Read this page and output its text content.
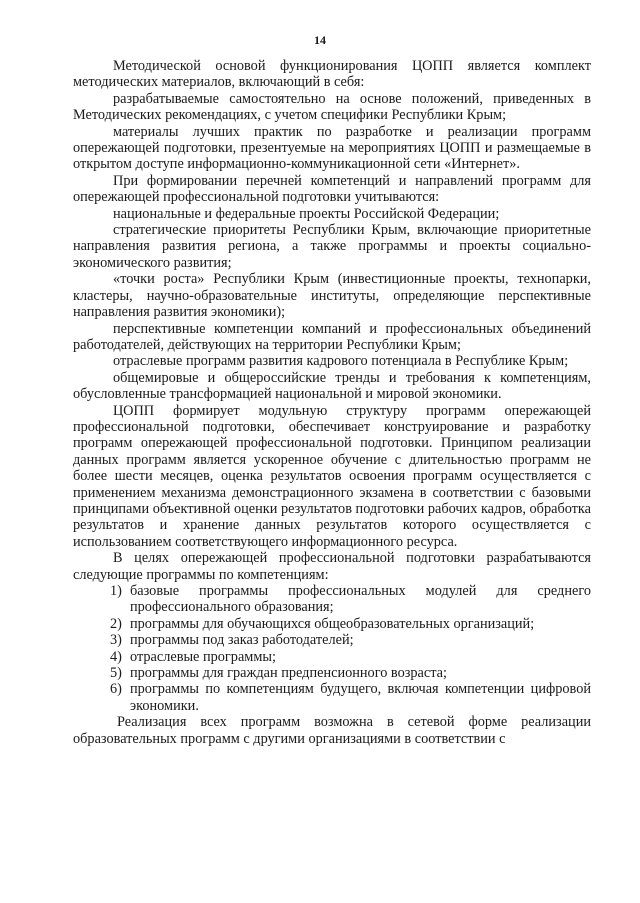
14

Методической основой функционирования ЦОПП является комплект методических материалов, включающий в себя:

разрабатываемые самостоятельно на основе положений, приведенных в Методических рекомендациях, с учетом специфики Республики Крым;

материалы лучших практик по разработке и реализации программ опережающей подготовки, презентуемые на мероприятиях ЦОПП и размещаемые в открытом доступе информационно-коммуникационной сети «Интернет».

При формировании перечней компетенций и направлений программ для опережающей профессиональной подготовки учитываются:

национальные и федеральные проекты Российской Федерации;

стратегические приоритеты Республики Крым, включающие приоритетные направления развития региона, а также программы и проекты социально-экономического развития;

«точки роста» Республики Крым (инвестиционные проекты, технопарки, кластеры, научно-образовательные институты, определяющие перспективные направления развития экономики);

перспективные компетенции компаний и профессиональных объединений работодателей, действующих на территории Республики Крым;

отраслевые программ развития кадрового потенциала в Республике Крым;

общемировые и общероссийские тренды и требования к компетенциям, обусловленные трансформацией национальной и мировой экономики.

ЦОПП формирует модульную структуру программ опережающей профессиональной подготовки, обеспечивает конструирование и разработку программ опережающей профессиональной подготовки. Принципом реализации данных программ является ускоренное обучение с длительностью программ не более шести месяцев, оценка результатов освоения программ осуществляется с применением механизма демонстрационного экзамена в соответствии с базовыми принципами объективной оценки результатов подготовки рабочих кадров, обработка результатов и хранение данных результатов которого осуществляется с использованием соответствующего информационного ресурса.

В целях опережающей профессиональной подготовки разрабатываются следующие программы по компетенциям:

1) базовые программы профессиональных модулей для среднего профессионального образования;
2) программы для обучающихся общеобразовательных организаций;
3) программы под заказ работодателей;
4) отраслевые программы;
5) программы для граждан предпенсионного возраста;
6) программы по компетенциям будущего, включая компетенции цифровой экономики.

Реализация всех программ возможна в сетевой форме реализации образовательных программ с другими организациями в соответствии с
